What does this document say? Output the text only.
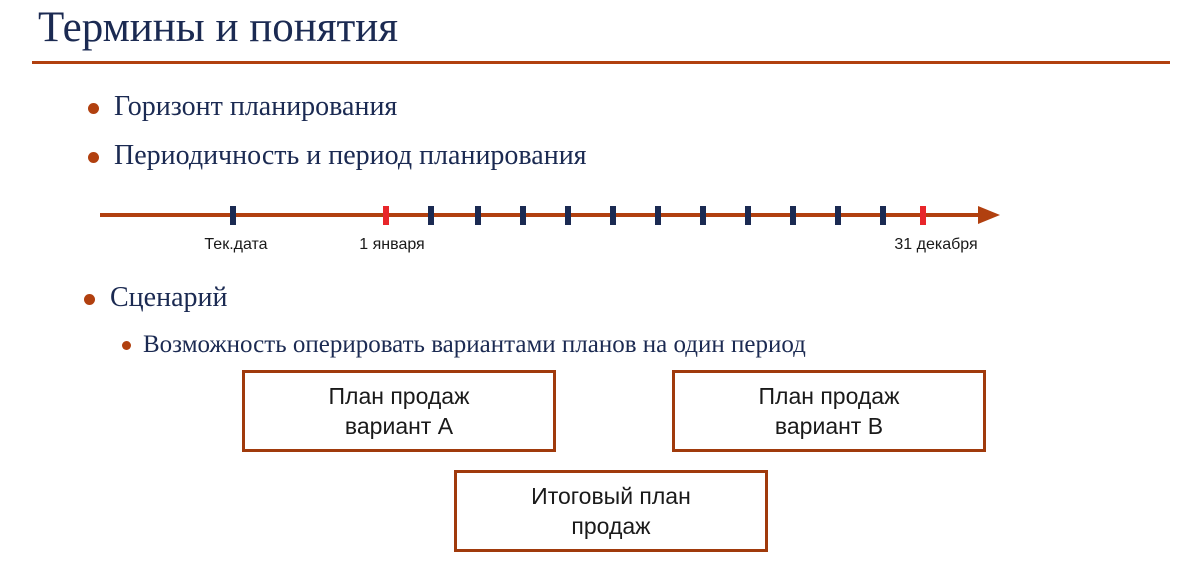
Термины и понятия
Горизонт планирования
Периодичность и период планирования
Тек.дата	1 января	31 декабря
Сценарий
Возможность оперировать вариантами планов на один период
План продаж
вариант А
План продаж
вариант В
Итоговый план
продаж
